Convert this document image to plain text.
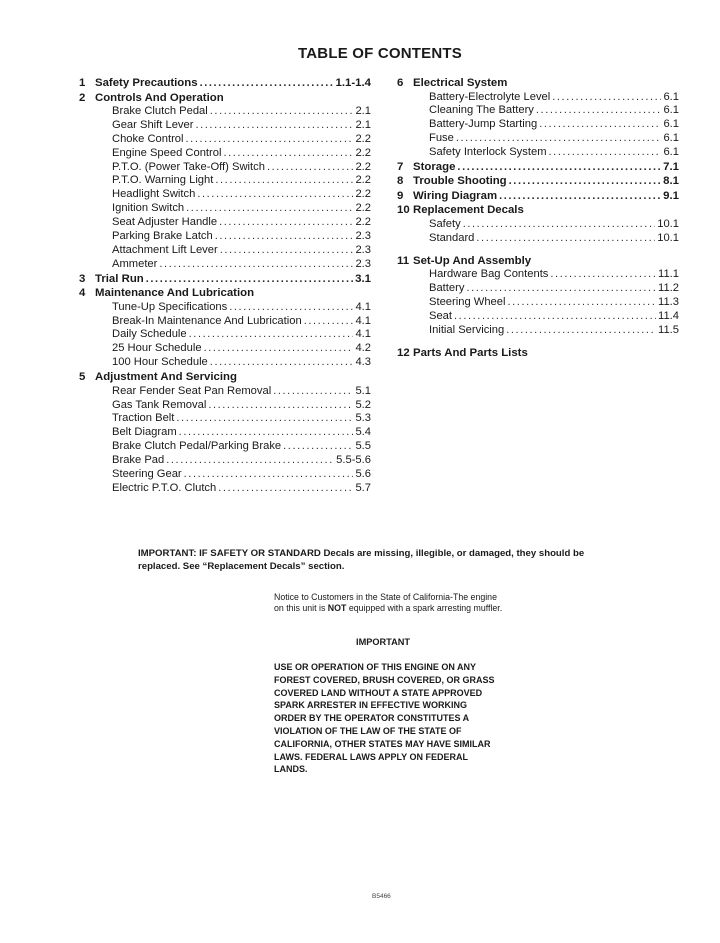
TABLE OF CONTENTS
1 Safety Precautions .....	1.1-1.4
2 Controls And Operation
Brake Clutch Pedal .....	2.1
Gear Shift Lever .....	2.1
Choke Control .....	2.2
Engine Speed Control .....	2.2
P.T.O. (Power Take-Off) Switch .....	2.2
P.T.O. Warning Light .....	2.2
Headlight Switch .....	2.2
Ignition Switch .....	2.2
Seat Adjuster Handle .....	2.2
Parking Brake Latch .....	2.3
Attachment Lift Lever .....	2.3
Ammeter .....	2.3
3 Trial Run .....	3.1
4 Maintenance And Lubrication
Tune-Up Specifications .....	4.1
Break-In Maintenance And Lubrication .....	4.1
Daily Schedule .....	4.1
25 Hour Schedule .....	4.2
100 Hour Schedule .....	4.3
5 Adjustment And Servicing
Rear Fender Seat Pan Removal .....	5.1
Gas Tank Removal .....	5.2
Traction Belt .....	5.3
Belt Diagram .....	5.4
Brake Clutch Pedal/Parking Brake .....	5.5
Brake Pad .....	5.5-5.6
Steering Gear .....	5.6
Electric P.T.O. Clutch .....	5.7
6 Electrical System
Battery-Electrolyte Level .....	6.1
Cleaning The Battery .....	6.1
Battery-Jump Starting .....	6.1
Fuse .....	6.1
Safety Interlock System .....	6.1
7 Storage .....	7.1
8 Trouble Shooting .....	8.1
9 Wiring Diagram .....	9.1
10 Replacement Decals
Safety .....	10.1
Standard .....	10.1
11 Set-Up And Assembly
Hardware Bag Contents .....	11.1
Battery .....	11.2
Steering Wheel .....	11.3
Seat .....	11.4
Initial Servicing .....	11.5
12 Parts And Parts Lists
IMPORTANT: IF SAFETY OR STANDARD Decals are missing, illegible, or damaged, they should be replaced. See “Replacement Decals” section.
Notice to Customers in the State of California-The engine on this unit is NOT equipped with a spark arresting muffler.
IMPORTANT
USE OR OPERATION OF THIS ENGINE ON ANY FOREST COVERED, BRUSH COVERED, OR GRASS COVERED LAND WITHOUT A STATE APPROVED SPARK ARRESTER IN EFFECTIVE WORKING ORDER BY THE OPERATOR CONSTITUTES A VIOLATION OF THE LAW OF THE STATE OF CALIFORNIA, OTHER STATES MAY HAVE SIMILAR LAWS. FEDERAL LAWS APPLY ON FEDERAL LANDS.
B5466
